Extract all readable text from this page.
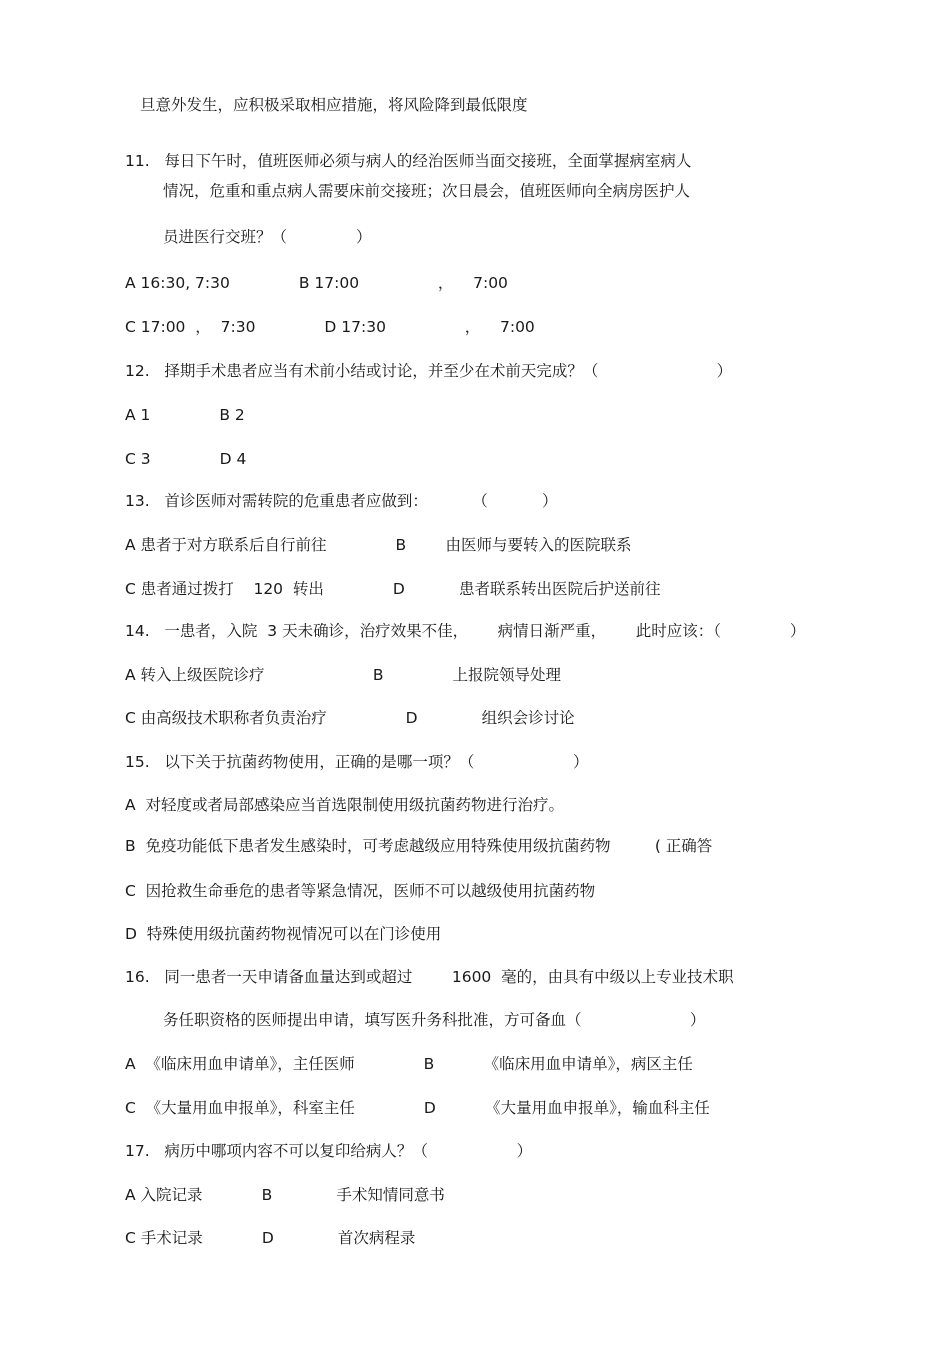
旦意外发生，应积极采取相应措施，将风险降到最低限度
11.   每日下午时，值班医师必须与病人的经治医师当面交接班，全面掌握病室病人
情况，危重和重点病人需要床前交接班；次日晨会，值班医师向全病房医护人
员进医行交班？（              ）
A 16:30, 7:30              B 17:00                ，    7:00
C 17:00  ，  7:30              D 17:30                ，    7:00
12.   择期手术患者应当有术前小结或讨论，并至少在术前天完成？（                        ）
A 1              B 2
C 3              D 4
13.   首诊医师对需转院的危重患者应做到：         （           ）
A 患者于对方联系后自行前往              B        由医师与要转入的医院联系
C 患者通过拨打    120  转出              D           患者联系转出医院后护送前往
14.   一患者，入院  3 天未确诊，治疗效果不佳，      病情日渐严重，      此时应该：（              ）
A 转入上级医院诊疗                      B              上报院领导处理
C 由高级技术职称者负责治疗                D             组织会诊讨论
15.   以下关于抗菌药物使用，正确的是哪一项？（                    ）
A  对轻度或者局部感染应当首选限制使用级抗菌药物进行治疗。
B  免疫功能低下患者发生感染时，可考虑越级应用特殊使用级抗菌药物         ( 正确答
C  因抢救生命垂危的患者等紧急情况，医师不可以越级使用抗菌药物
D  特殊使用级抗菌药物视情况可以在门诊使用
16.   同一患者一天申请备血量达到或超过        1600  毫的，由具有中级以上专业技术职
务任职资格的医师提出申请，填写医升务科批准，方可备血（                      ）
A  《临床用血申请单》，主任医师              B          《临床用血申请单》，病区主任
C  《大量用血申报单》，科室主任              D          《大量用血申报单》，输血科主任
17.   病历中哪项内容不可以复印给病人？（                  ）
A 入院记录            B             手术知情同意书
C 手术记录            D             首次病程录
